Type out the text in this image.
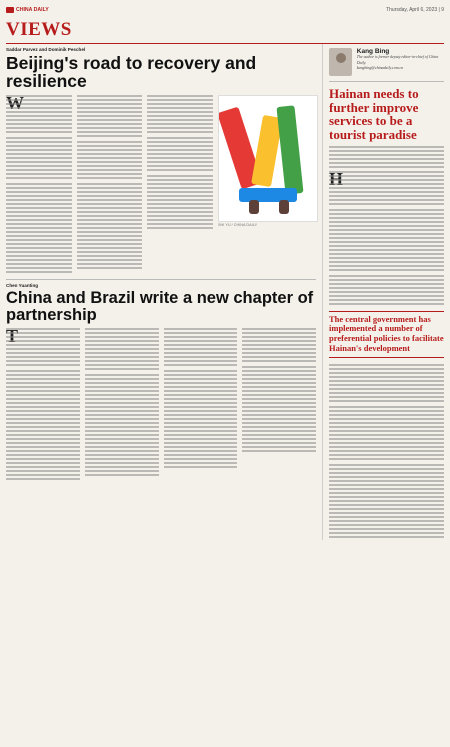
CHINA DAILY	Thursday, April 6, 2023 | 9
VIEWS
Saddar Parvez and Dominik Peschel
Beijing's road to recovery and resilience
SHI YU / CHINA DAILY
Chen Yuanting
China and Brazil write a new chapter of partnership
Kang Bing
The author is former deputy editor-in-chief of China Daily.
kangbing@chinadaily.com.cn
Hainan needs to further improve services to be a tourist paradise
The central government has implemented a number of preferential policies to facilitate Hainan's development
